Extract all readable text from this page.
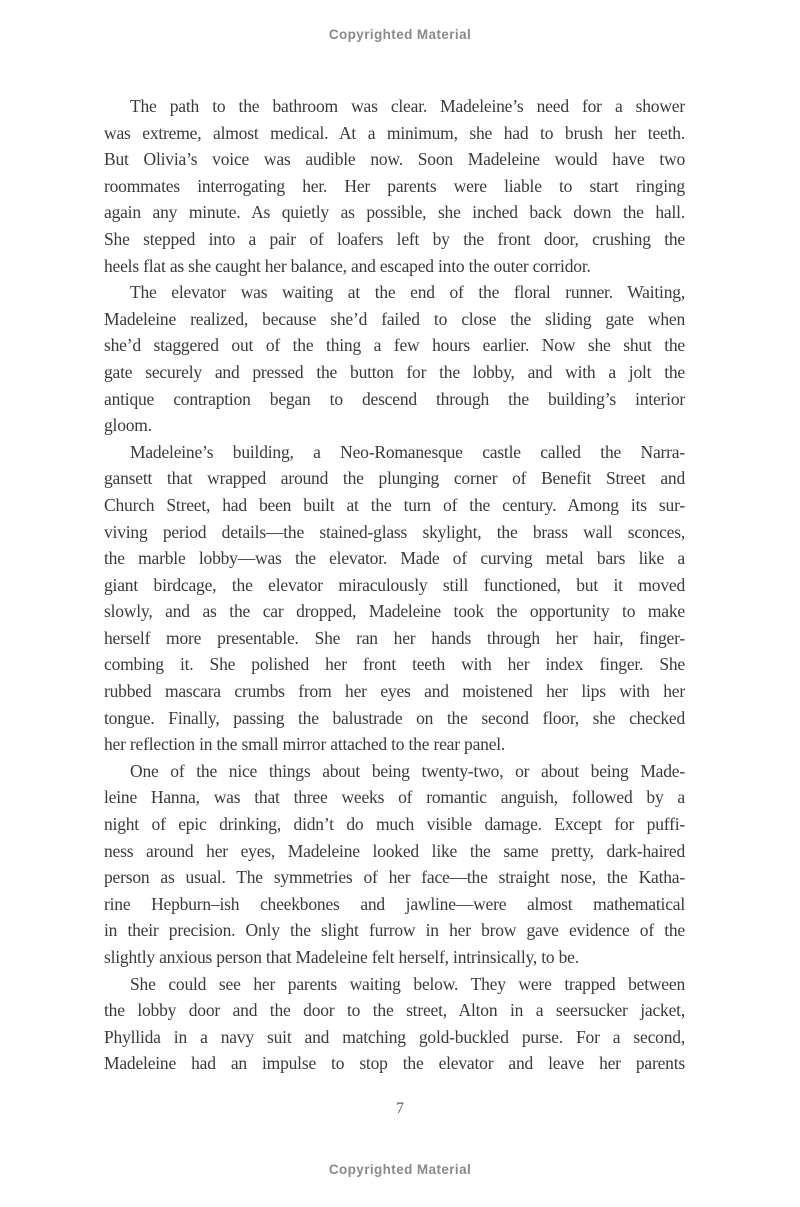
Copyrighted Material
The path to the bathroom was clear. Madeleine’s need for a shower
was extreme, almost medical. At a minimum, she had to brush her teeth.
But Olivia’s voice was audible now. Soon Madeleine would have two
roommates interrogating her. Her parents were liable to start ringing
again any minute. As quietly as possible, she inched back down the hall.
She stepped into a pair of loafers left by the front door, crushing the
heels flat as she caught her balance, and escaped into the outer corridor.
The elevator was waiting at the end of the floral runner. Waiting,
Madeleine realized, because she’d failed to close the sliding gate when
she’d staggered out of the thing a few hours earlier. Now she shut the
gate securely and pressed the button for the lobby, and with a jolt the
antique contraption began to descend through the building’s interior
gloom.
Madeleine’s building, a Neo-Romanesque castle called the Narra-
gansett that wrapped around the plunging corner of Benefit Street and
Church Street, had been built at the turn of the century. Among its sur-
viving period details—the stained-glass skylight, the brass wall sconces,
the marble lobby—was the elevator. Made of curving metal bars like a
giant birdcage, the elevator miraculously still functioned, but it moved
slowly, and as the car dropped, Madeleine took the opportunity to make
herself more presentable. She ran her hands through her hair, finger-
combing it. She polished her front teeth with her index finger. She
rubbed mascara crumbs from her eyes and moistened her lips with her
tongue. Finally, passing the balustrade on the second floor, she checked
her reflection in the small mirror attached to the rear panel.
One of the nice things about being twenty-two, or about being Made-
leine Hanna, was that three weeks of romantic anguish, followed by a
night of epic drinking, didn’t do much visible damage. Except for puffi-
ness around her eyes, Madeleine looked like the same pretty, dark-haired
person as usual. The symmetries of her face—the straight nose, the Katha-
rine Hepburn–ish cheekbones and jawline—were almost mathematical
in their precision. Only the slight furrow in her brow gave evidence of the
slightly anxious person that Madeleine felt herself, intrinsically, to be.
She could see her parents waiting below. They were trapped between
the lobby door and the door to the street, Alton in a seersucker jacket,
Phyllida in a navy suit and matching gold-buckled purse. For a second,
Madeleine had an impulse to stop the elevator and leave her parents
7
Copyrighted Material
